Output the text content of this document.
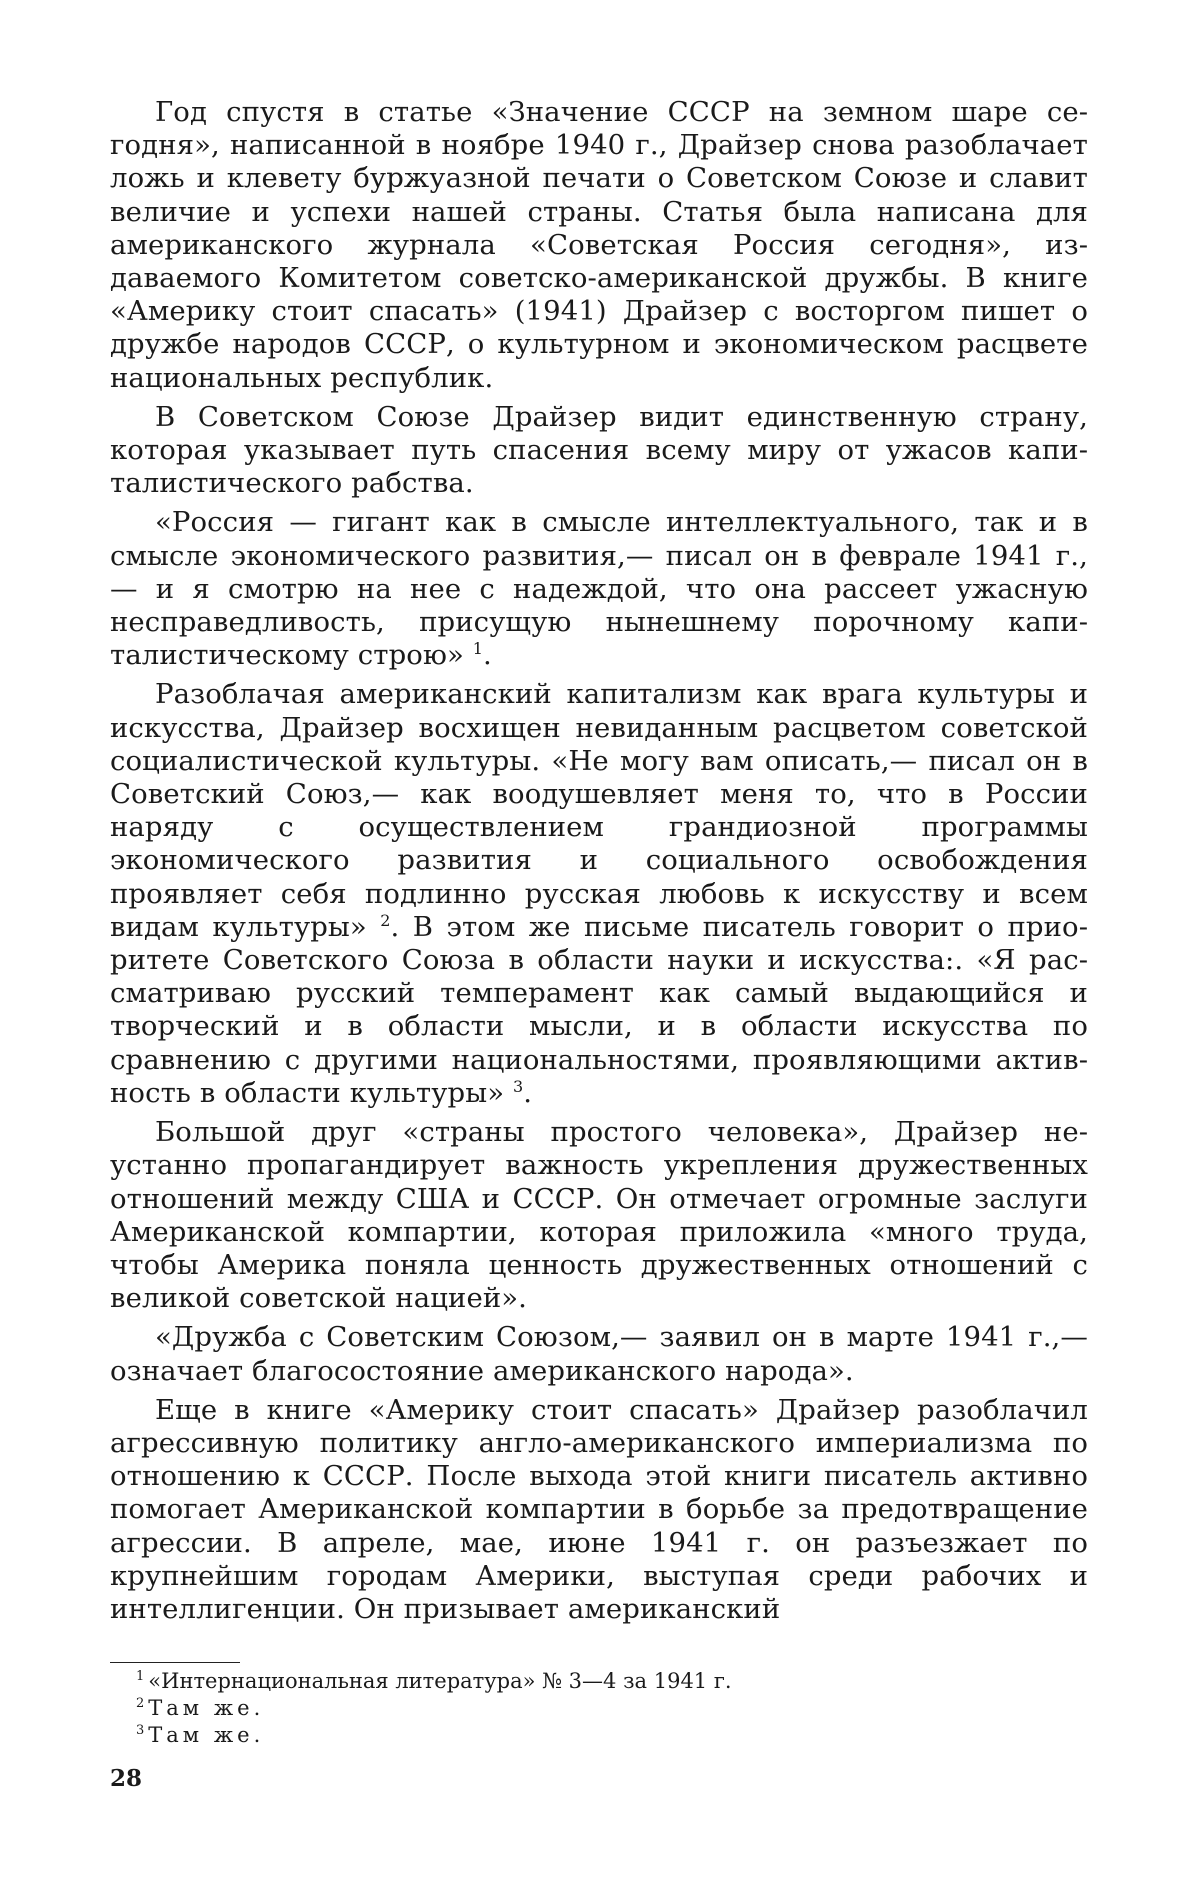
Год спустя в статье «Значение СССР на земном шаре сегодня», написанной в ноябре 1940 г., Драйзер снова разоблачает ложь и клевету буржуазной печати о Советском Союзе и славит величие и успехи нашей страны. Статья была написана для американского журнала «Советская Россия сегодня», издаваемого Комитетом советско-американской дружбы. В книге «Америку стоит спасать» (1941) Драйзер с восторгом пишет о дружбе народов СССР, о культурном и экономическом расцвете национальных республик.

В Советском Союзе Драйзер видит единственную страну, которая указывает путь спасения всему миру от ужасов капиталистического рабства.

«Россия — гигант как в смысле интеллектуального, так и в смысле экономического развития,— писал он в феврале 1941 г.,— и я смотрю на нее с надеждой, что она рассеет ужасную несправедливость, присущую нынешнему порочному капиталистическому строю» $^1$.

Разоблачая американский капитализм как врага культуры и искусства, Драйзер восхищен невиданным расцветом советской социалистической культуры. «Не могу вам описать,— писал он в Советский Союз,— как воодушевляет меня то, что в России наряду с осуществлением грандиозной программы экономического развития и социального освобождения проявляет себя подлинно русская любовь к искусству и всем видам культуры» $^2$. В этом же письме писатель говорит о приоритете Советского Союза в области науки и искусства:. «Я рассматриваю русский темперамент как самый выдающийся и творческий и в области мысли, и в области искусства по сравнению с другими национальностями, проявляющими активность в области культуры» $^3$.

Большой друг «страны простого человека», Драйзер неустанно пропагандирует важность укрепления дружественных отношений между США и СССР. Он отмечает огромные заслуги Американской компартии, которая приложила «много труда, чтобы Америка поняла ценность дружественных отношений с великой советской нацией».

«Дружба с Советским Союзом,— заявил он в марте 1941 г.,— означает благосостояние американского народа».

Еще в книге «Америку стоит спасать» Драйзер разоблачил агрессивную политику англо-американского империализма по отношению к СССР. После выхода этой книги писатель активно помогает Американской компартии в борьбе за предотвращение агрессии. В апреле, мае, июне 1941 г. он разъезжает по крупнейшим городам Америки, выступая среди рабочих и интеллигенции. Он призывает американский

$^1$ «Интернациональная литература» № 3—4 за 1941 г.

$^2$ Там же.

$^3$ Там же.

28
